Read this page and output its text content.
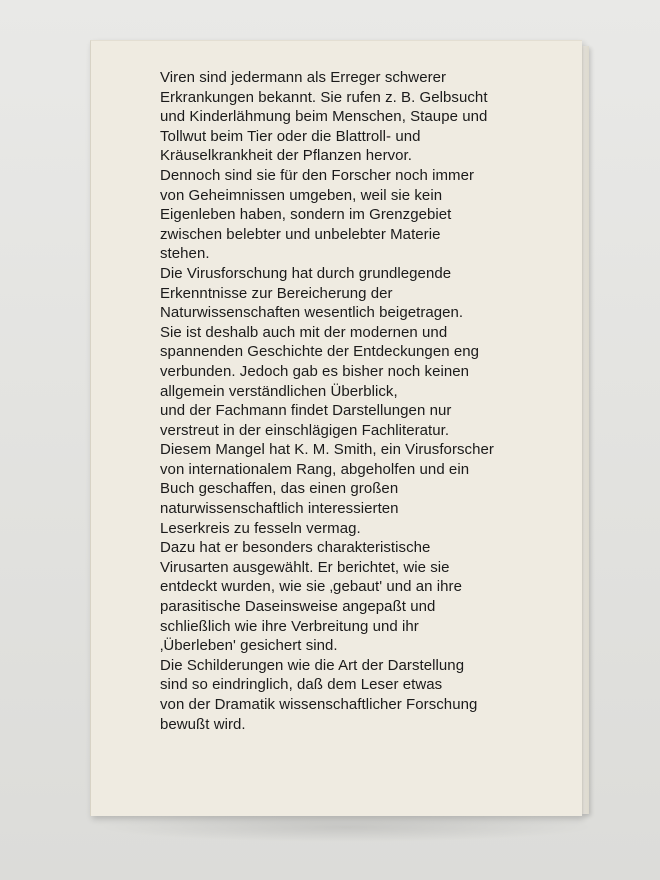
Viren sind jedermann als Erreger schwerer
Erkrankungen bekannt. Sie rufen z. B. Gelbsucht
und Kinderlähmung beim Menschen, Staupe und
Tollwut beim Tier oder die Blattroll- und
Kräuselkrankheit der Pflanzen hervor.
Dennoch sind sie für den Forscher noch immer
von Geheimnissen umgeben, weil sie kein
Eigenleben haben, sondern im Grenzgebiet
zwischen belebter und unbelebter Materie
stehen.
Die Virusforschung hat durch grundlegende
Erkenntnisse zur Bereicherung der
Naturwissenschaften wesentlich beigetragen.
Sie ist deshalb auch mit der modernen und
spannenden Geschichte der Entdeckungen eng
verbunden. Jedoch gab es bisher noch keinen
allgemein verständlichen Überblick,
und der Fachmann findet Darstellungen nur
verstreut in der einschlägigen Fachliteratur.
Diesem Mangel hat K. M. Smith, ein Virusforscher
von internationalem Rang, abgeholfen und ein
Buch geschaffen, das einen großen
naturwissenschaftlich interessierten
Leserkreis zu fesseln vermag.
Dazu hat er besonders charakteristische
Virusarten ausgewählt. Er berichtet, wie sie
entdeckt wurden, wie sie ‚gebaut' und an ihre
parasitische Daseinsweise angepaßt und
schließlich wie ihre Verbreitung und ihr
‚Überleben' gesichert sind.
Die Schilderungen wie die Art der Darstellung
sind so eindringlich, daß dem Leser etwas
von der Dramatik wissenschaftlicher Forschung
bewußt wird.
